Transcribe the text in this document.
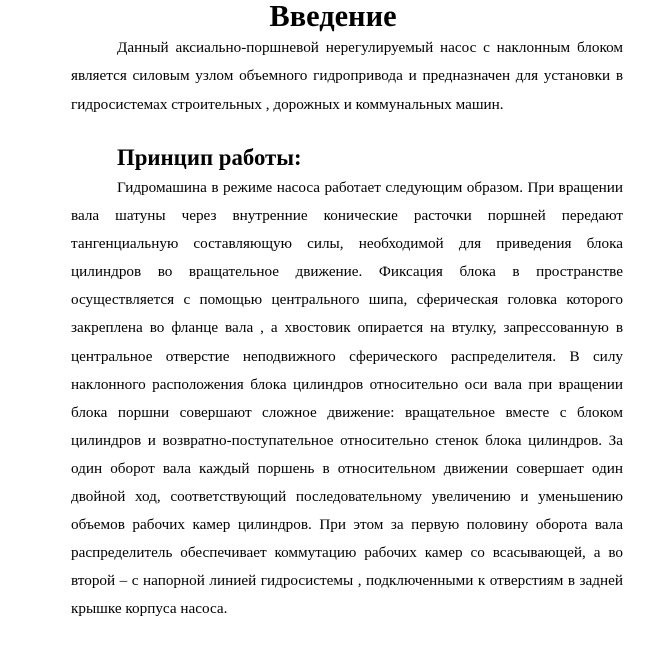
Введение

Данный аксиально-поршневой нерегулируемый насос с наклонным блоком является силовым узлом объемного гидропривода и предназначен для установки в гидросистемах строительных , дорожных и коммунальных машин.

Принцип работы:

Гидромашина в режиме насоса работает следующим образом. При вращении вала шатуны через внутренние конические расточки поршней передают тангенциальную составляющую силы, необходимой для приведения блока цилиндров во вращательное движение. Фиксация блока в пространстве осуществляется с помощью центрального шипа, сферическая головка которого закреплена во фланце вала , а хвостовик опирается на втулку, запрессованную в центральное отверстие неподвижного сферического распределителя. В силу наклонного расположения блока цилиндров относительно оси вала при вращении блока поршни совершают сложное движение: вращательное вместе с блоком цилиндров и возвратно-поступательное относительно стенок блока цилиндров. За один оборот вала каждый поршень в относительном движении совершает один двойной ход, соответствующий последовательному увеличению и уменьшению объемов рабочих камер цилиндров. При этом за первую половину оборота вала распределитель обеспечивает коммутацию рабочих камер со всасывающей, а во второй – с напорной линией гидросистемы , подключенными к отверстиям в задней крышке корпуса насоса.
